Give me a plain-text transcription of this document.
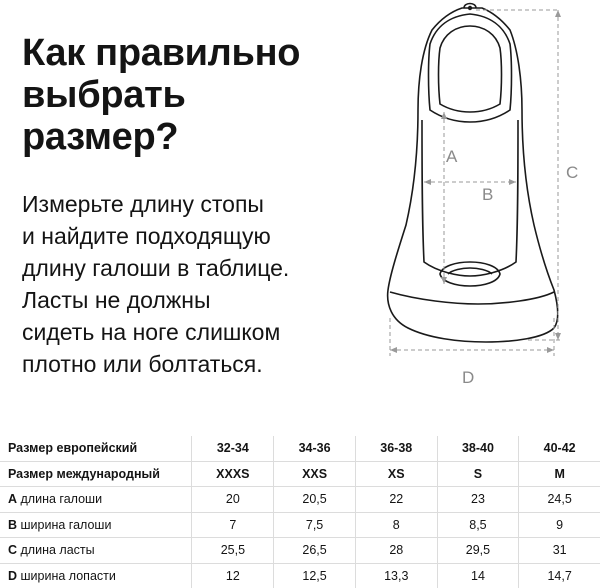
Как правильно
выбрать
размер?

Измерьте длину стопы
и найдите подходящую
длину галоши в таблице.
Ласты не должны
сидеть на ноге слишком
плотно или болтаться.

A
B
C
D
Размер европейский	32-34	34-36	36-38	38-40	40-42
Размер международный	XXXS	XXS	XS	S	M
A длина галоши	20	20,5	22	23	24,5
B ширина галоши	7	7,5	8	8,5	9
C длина ласты	25,5	26,5	28	29,5	31
D ширина лопасти	12	12,5	13,3	14	14,7
